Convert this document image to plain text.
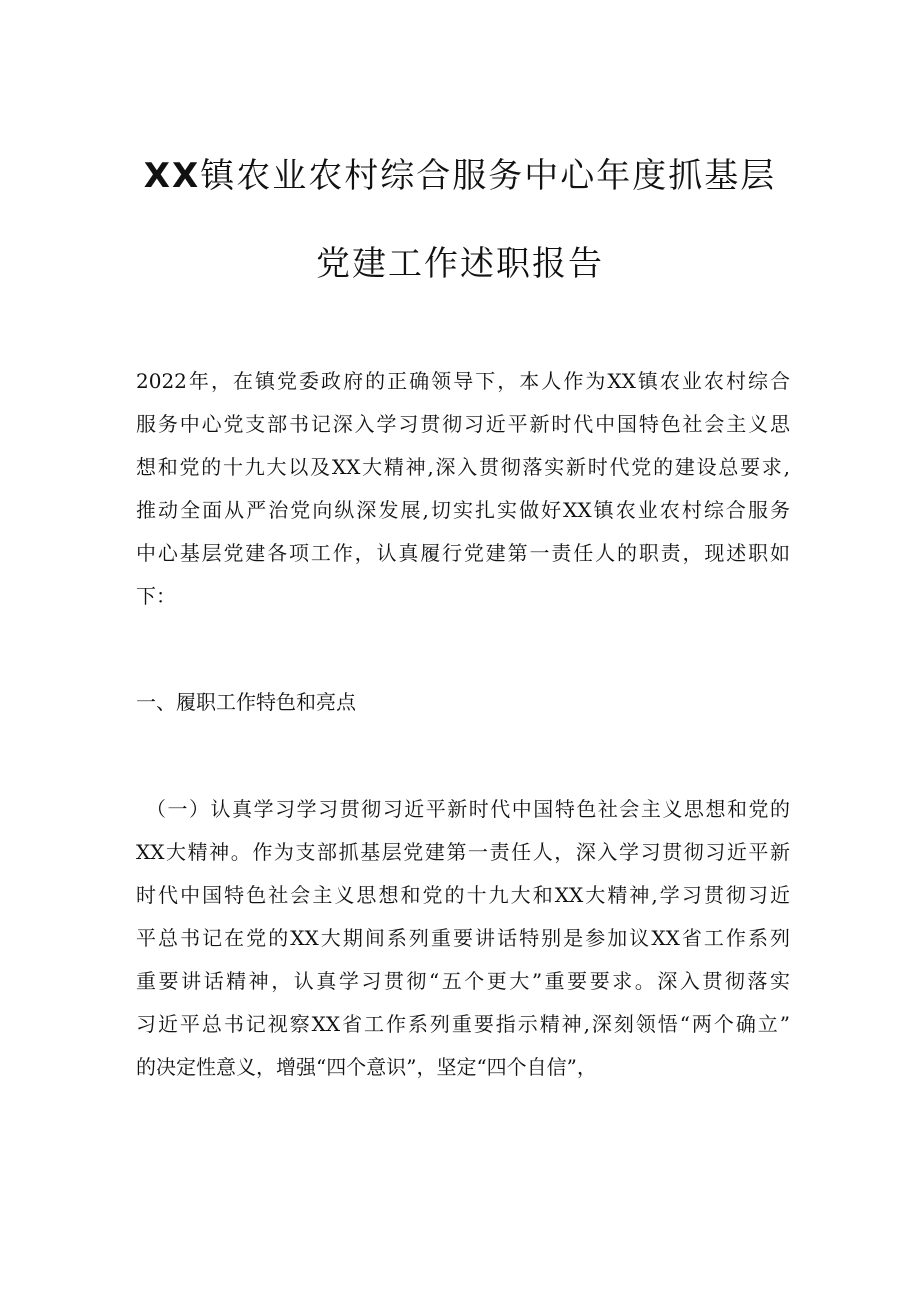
XX镇农业农村综合服务中心年度抓基层
党建工作述职报告
2022年，在镇党委政府的正确领导下，本人作为XX镇农业农村综合
服务中心党支部书记深入学习贯彻习近平新时代中国特色社会主义思
想和党的十九大以及XX大精神,深入贯彻落实新时代党的建设总要求,
推动全面从严治党向纵深发展,切实扎实做好XX镇农业农村综合服务
中心基层党建各项工作，认真履行党建第一责任人的职责，现述职如
下：
一、履职工作特色和亮点
（一）认真学习学习贯彻习近平新时代中国特色社会主义思想和党的
XX大精神。作为支部抓基层党建第一责任人，深入学习贯彻习近平新
时代中国特色社会主义思想和党的十九大和XX大精神,学习贯彻习近
平总书记在党的XX大期间系列重要讲话特别是参加议XX省工作系列
重要讲话精神，认真学习贯彻“五个更大”重要要求。深入贯彻落实
习近平总书记视察XX省工作系列重要指示精神,深刻领悟“两个确立”
的决定性意义，增强“四个意识”，坚定“四个自信”，
